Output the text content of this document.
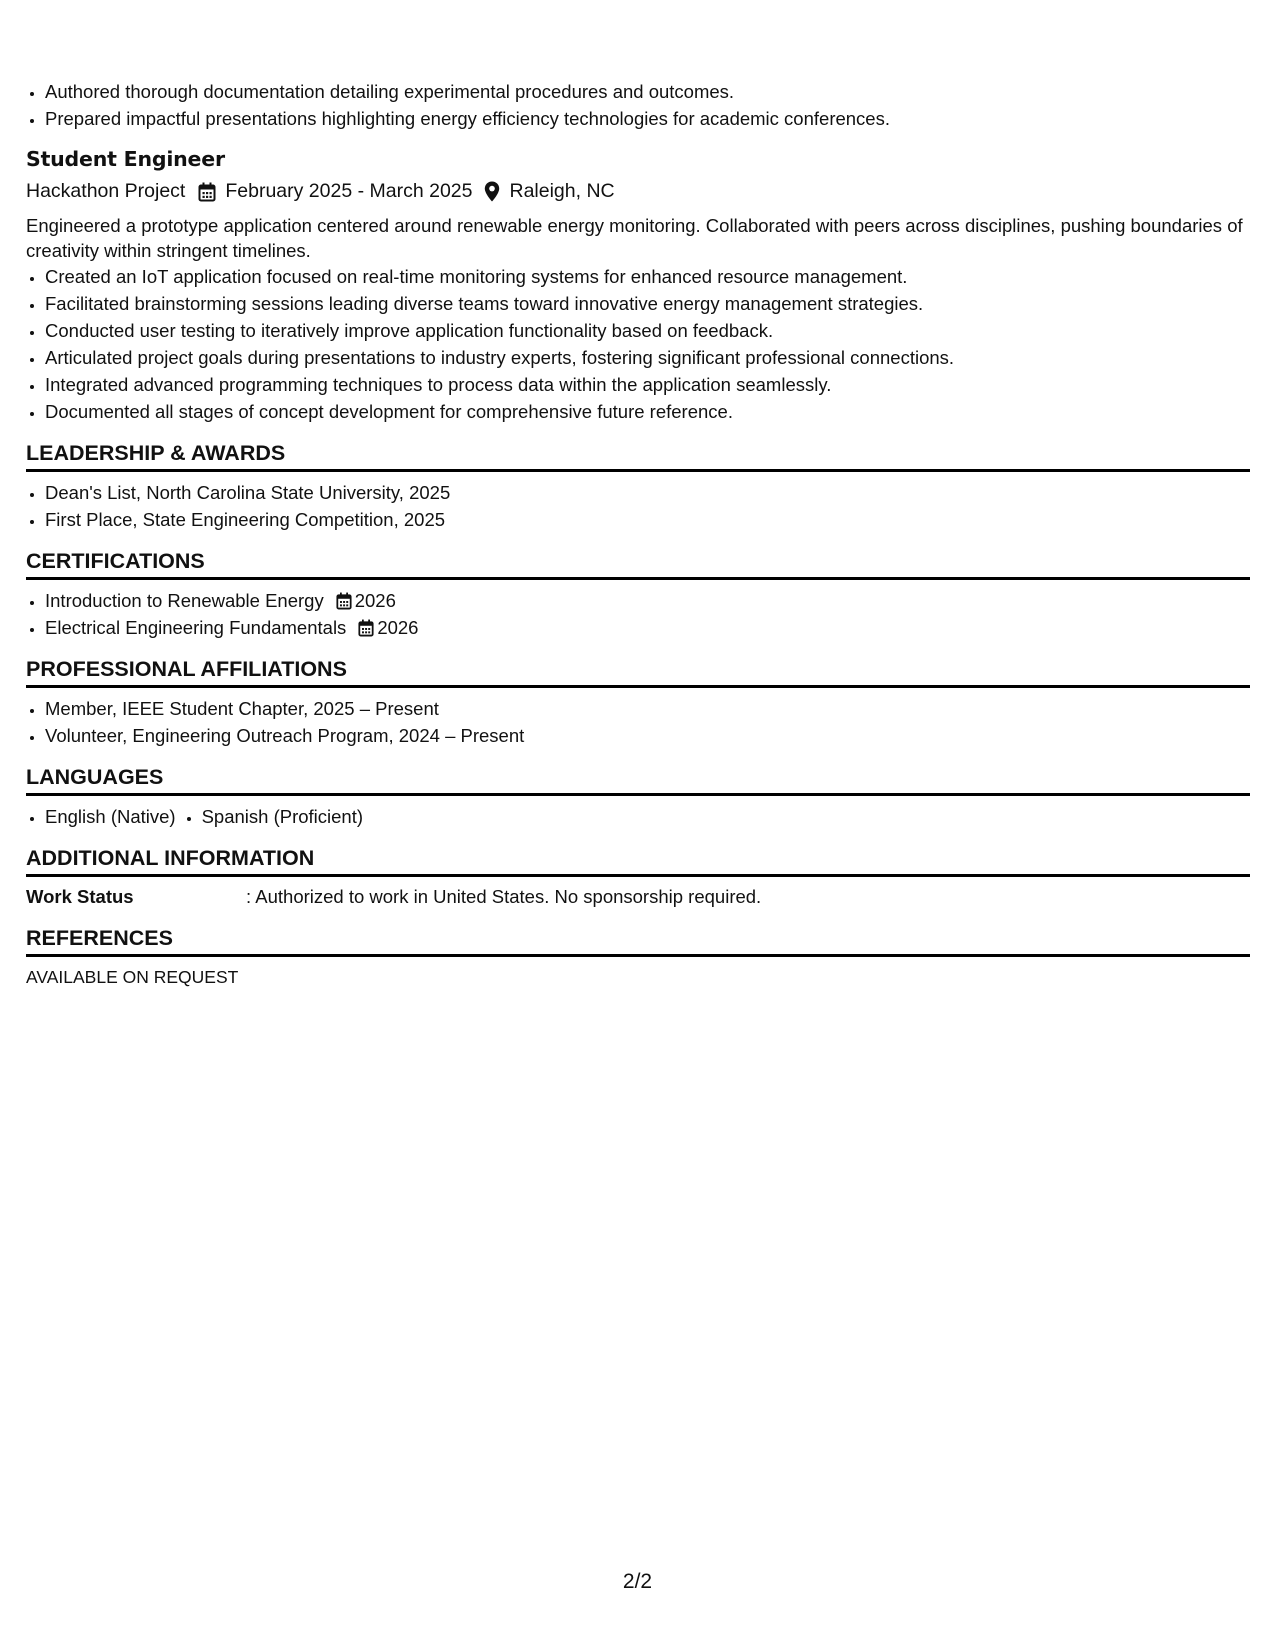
• Authored thorough documentation detailing experimental procedures and outcomes.
• Prepared impactful presentations highlighting energy efficiency technologies for academic conferences.
Student Engineer
Hackathon Project February 2025 - March 2025 Raleigh, NC
Engineered a prototype application centered around renewable energy monitoring. Collaborated with peers across disciplines, pushing boundaries of creativity within stringent timelines.
• Created an IoT application focused on real-time monitoring systems for enhanced resource management.
• Facilitated brainstorming sessions leading diverse teams toward innovative energy management strategies.
• Conducted user testing to iteratively improve application functionality based on feedback.
• Articulated project goals during presentations to industry experts, fostering significant professional connections.
• Integrated advanced programming techniques to process data within the application seamlessly.
• Documented all stages of concept development for comprehensive future reference.
LEADERSHIP & AWARDS
• Dean's List, North Carolina State University, 2025
• First Place, State Engineering Competition, 2025
CERTIFICATIONS
• Introduction to Renewable Energy 2026
• Electrical Engineering Fundamentals 2026
PROFESSIONAL AFFILIATIONS
• Member, IEEE Student Chapter, 2025 – Present
• Volunteer, Engineering Outreach Program, 2024 – Present
LANGUAGES
• English (Native)
• Spanish (Proficient)
ADDITIONAL INFORMATION
Work Status	: Authorized to work in United States. No sponsorship required.
REFERENCES
AVAILABLE ON REQUEST
2/2
